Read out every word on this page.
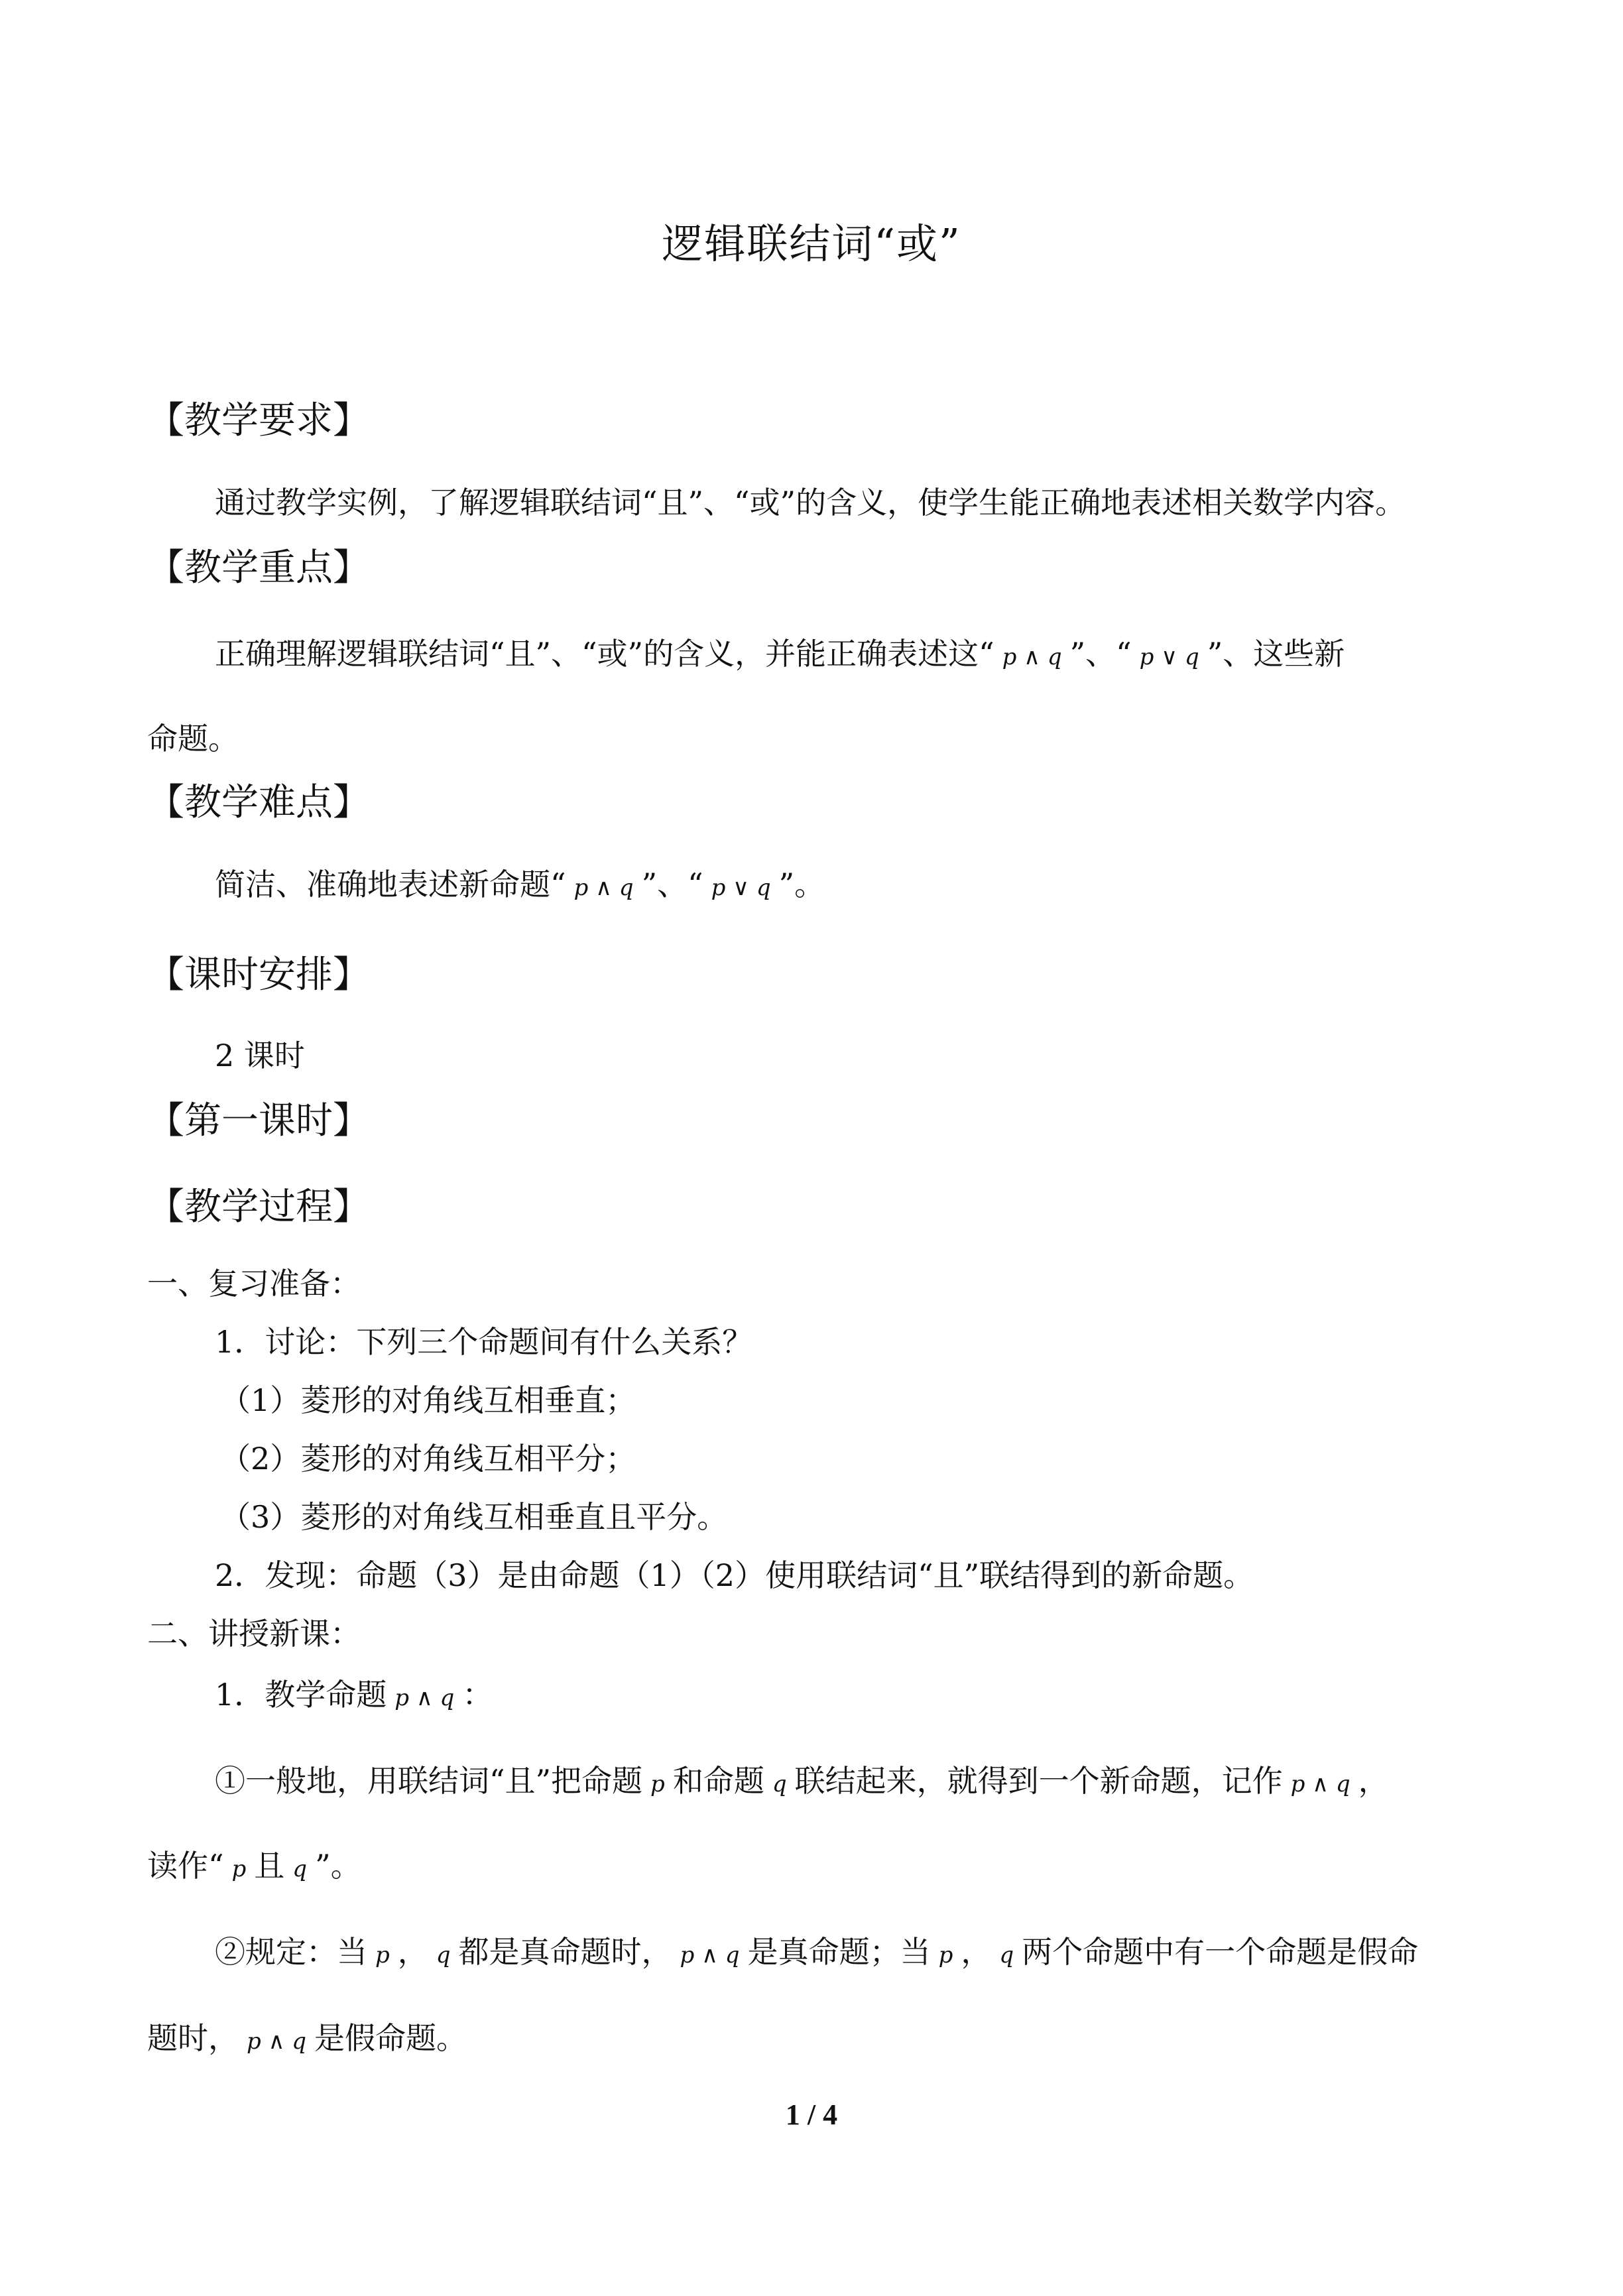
逻辑联结词“或”
【教学要求】
通过教学实例，了解逻辑联结词“且”、“或”的含义，使学生能正确地表述相关数学内容。
【教学重点】
正确理解逻辑联结词“且”、“或”的含义，并能正确表述这“ p ∧ q ”、“ p ∨ q ”、这些新
命题。
【教学难点】
简洁、准确地表述新命题“ p ∧ q ”、“ p ∨ q ”。
【课时安排】
2 课时
【第一课时】
【教学过程】
一、复习准备：
1．讨论：下列三个命题间有什么关系？
（1）菱形的对角线互相垂直；
（2）菱形的对角线互相平分；
（3）菱形的对角线互相垂直且平分。
2．发现：命题（3）是由命题（1）（2）使用联结词“且”联结得到的新命题。
二、讲授新课：
1．教学命题 p ∧ q ：
①一般地，用联结词“且”把命题 p 和命题 q 联结起来，就得到一个新命题，记作 p ∧ q ，
读作“ p 且 q ”。
②规定：当 p ， q 都是真命题时， p ∧ q 是真命题；当 p ， q 两个命题中有一个命题是假命
题时， p ∧ q 是假命题。
1 / 4
